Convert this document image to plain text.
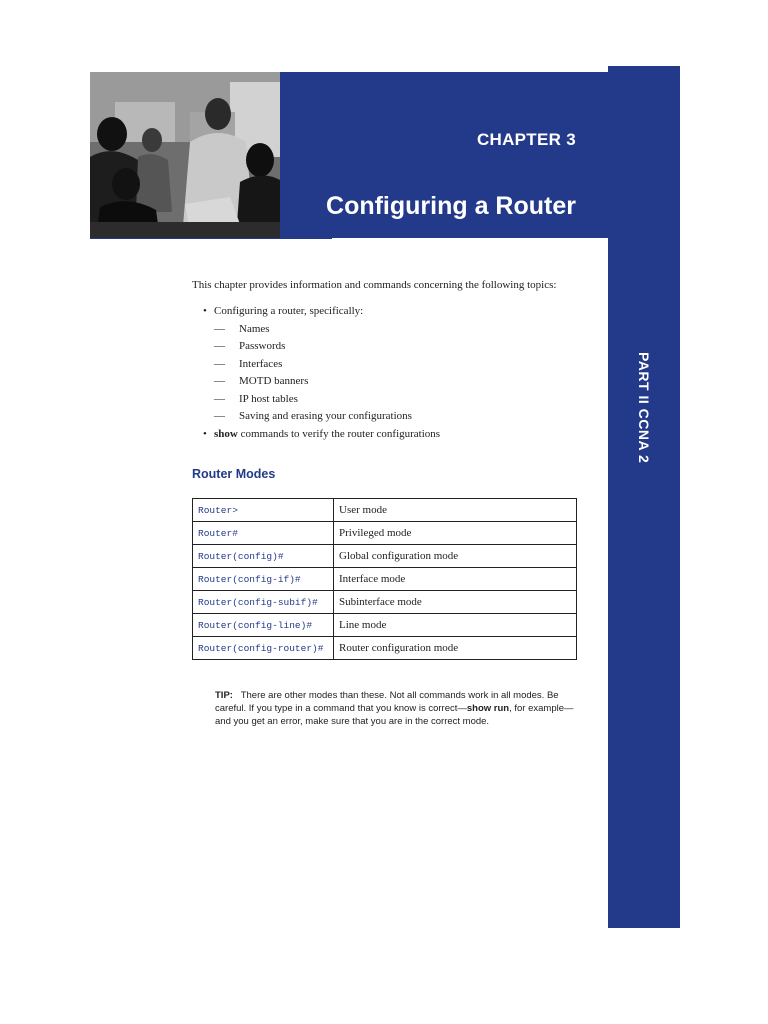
CHAPTER 3
Configuring a Router
PART II CCNA 2

This chapter provides information and commands concerning the following topics:

• Configuring a router, specifically:
— Names
— Passwords
— Interfaces
— MOTD banners
— IP host tables
— Saving and erasing your configurations
• show commands to verify the router configurations
Router Modes
Router>	User mode
Router#	Privileged mode
Router(config)#	Global configuration mode
Router(config-if)#	Interface mode
Router(config-subif)#	Subinterface mode
Router(config-line)#	Line mode
Router(config-router)#	Router configuration mode
TIP: There are other modes than these. Not all commands work in all modes. Be careful. If you type in a command that you know is correct—show run, for example—and you get an error, make sure that you are in the correct mode.
